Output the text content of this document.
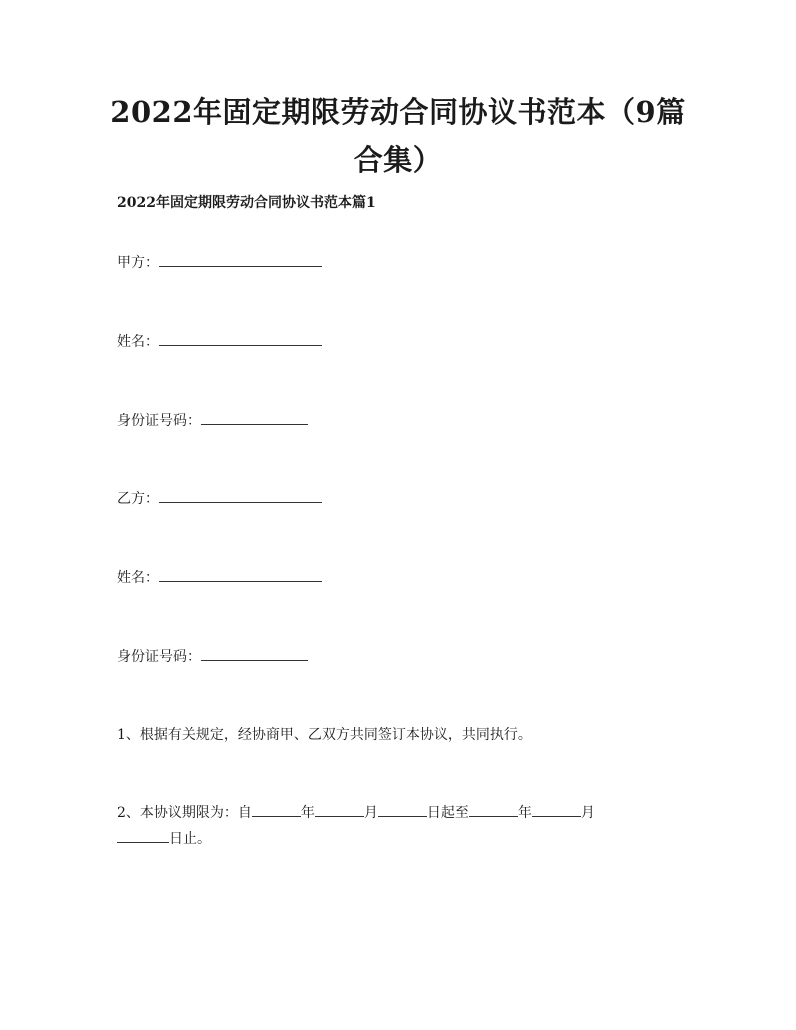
2022年固定期限劳动合同协议书范本（9篇
合集）
2022年固定期限劳动合同协议书范本篇1
甲方：
姓名：
身份证号码：
乙方：
姓名：
身份证号码：

1、根据有关规定，经协商甲、乙双方共同签订本协议，共同执行。

2、本协议期限为：自	年	月	日起至	年	月
日止。
